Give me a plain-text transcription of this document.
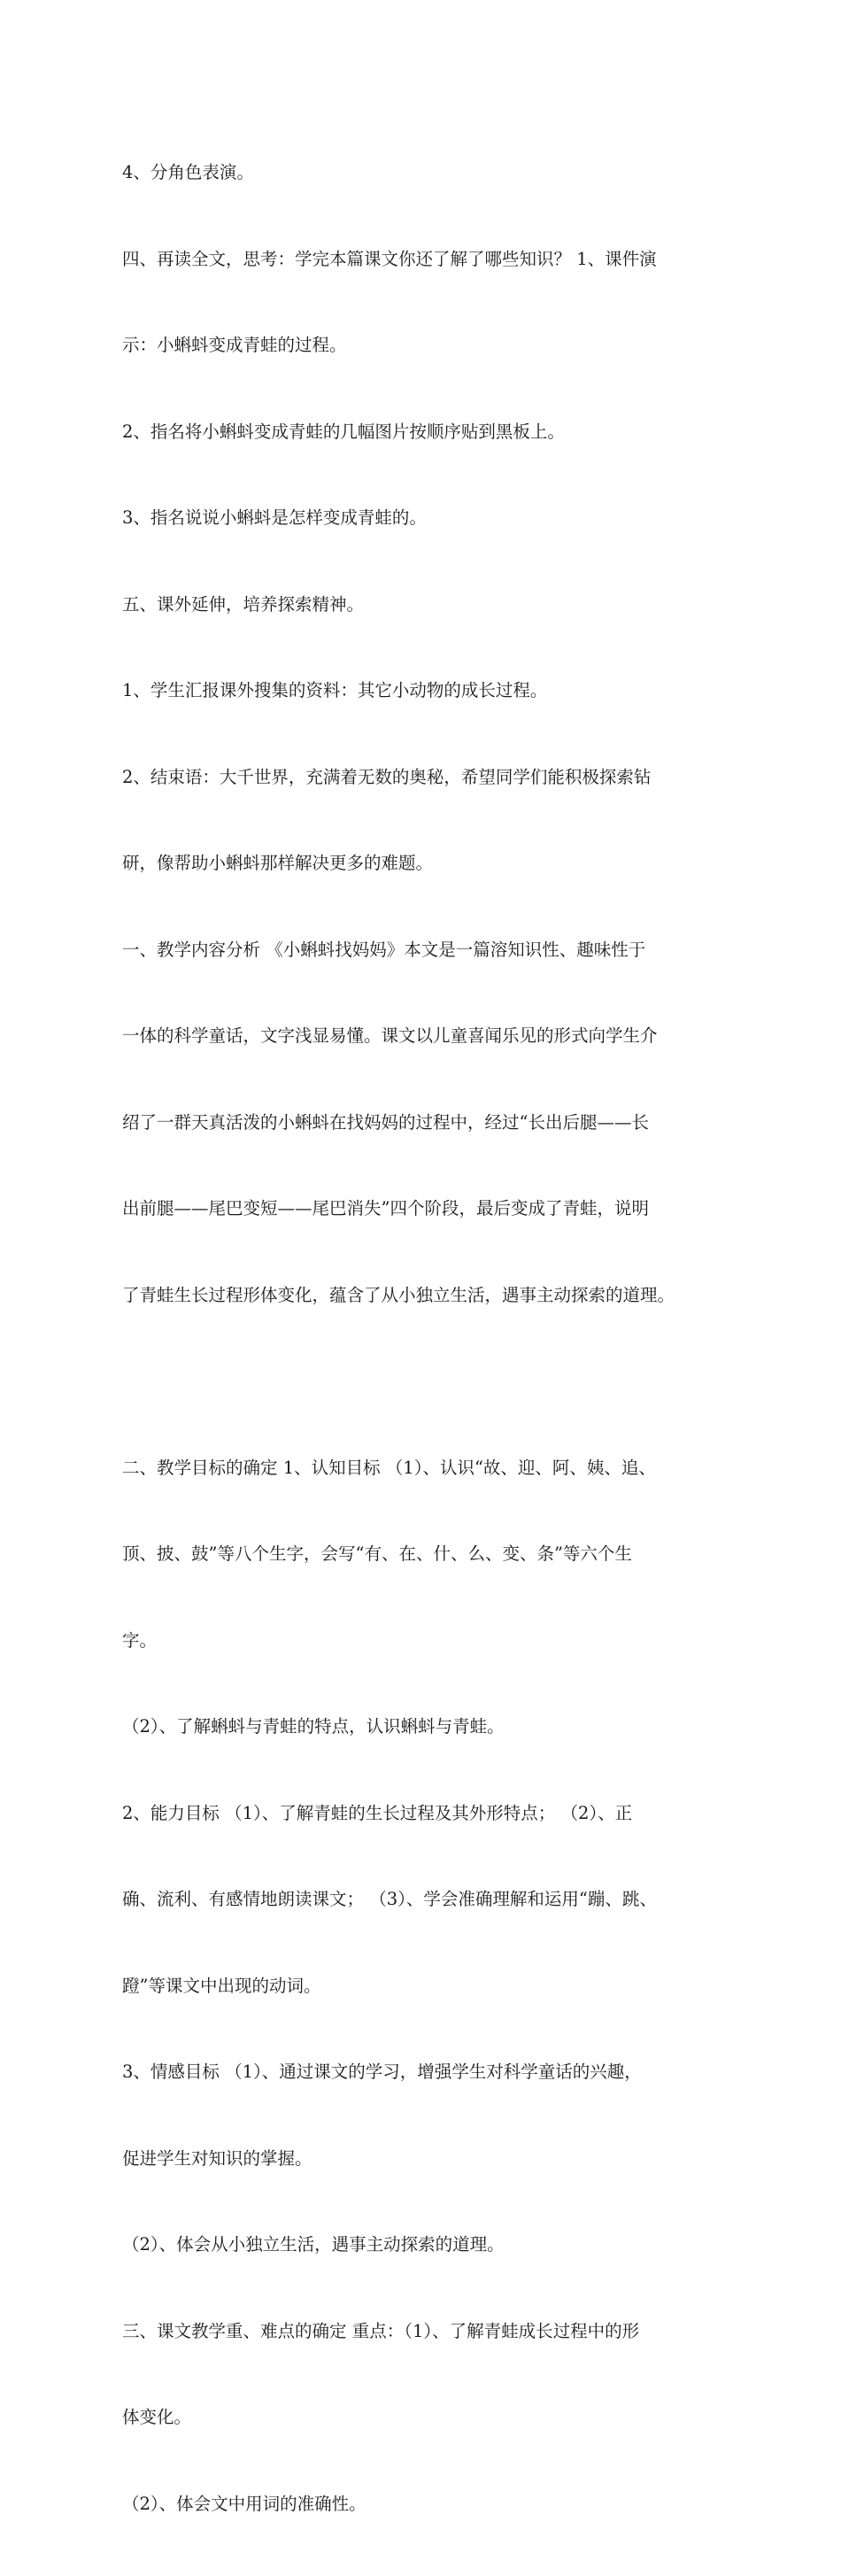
4、分角色表演。

四、再读全文，思考：学完本篇课文你还了解了哪些知识？ 1、课件演

示：小蝌蚪变成青蛙的过程。

2、指名将小蝌蚪变成青蛙的几幅图片按顺序贴到黑板上。

3、指名说说小蝌蚪是怎样变成青蛙的。

五、课外延伸，培养探索精神。

1、学生汇报课外搜集的资料：其它小动物的成长过程。

2、结束语：大千世界，充满着无数的奥秘，希望同学们能积极探索钻

研，像帮助小蝌蚪那样解决更多的难题。

一、教学内容分析 《小蝌蚪找妈妈》本文是一篇溶知识性、趣味性于

一体的科学童话，文字浅显易懂。课文以儿童喜闻乐见的形式向学生介

绍了一群天真活泼的小蝌蚪在找妈妈的过程中，经过“长出后腿——长

出前腿——尾巴变短——尾巴消失”四个阶段，最后变成了青蛙，说明

了青蛙生长过程形体变化，蕴含了从小独立生活，遇事主动探索的道理。

二、教学目标的确定 1、认知目标 （1）、认识“故、迎、阿、姨、追、

顶、披、鼓”等八个生字，会写“有、在、什、么、变、条”等六个生

字。

（2）、了解蝌蚪与青蛙的特点，认识蝌蚪与青蛙。

2、能力目标 （1）、了解青蛙的生长过程及其外形特点； （2）、正

确、流利、有感情地朗读课文； （3）、学会准确理解和运用“蹦、跳、

蹬”等课文中出现的动词。

3、情感目标 （1）、通过课文的学习，增强学生对科学童话的兴趣，

促进学生对知识的掌握。

（2）、体会从小独立生活，遇事主动探索的道理。

三、课文教学重、难点的确定 重点：（1）、了解青蛙成长过程中的形

体变化。

（2）、体会文中用词的准确性。
